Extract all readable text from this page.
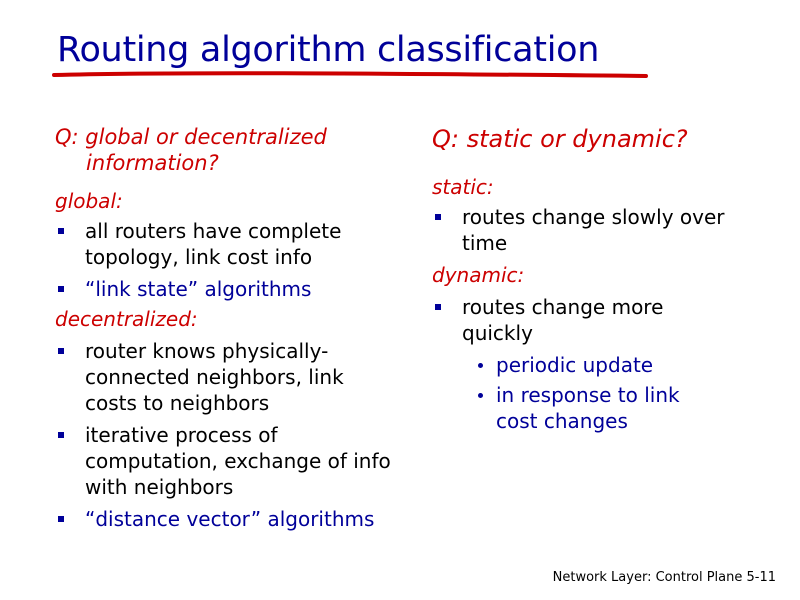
Routing algorithm classification
Q: global or decentralized information?
global:
all routers have complete topology, link cost info
“link state” algorithms
decentralized:
router knows physically-connected neighbors, link costs to neighbors
iterative process of computation, exchange of info with neighbors
“distance vector” algorithms
Q: static or dynamic?
static:
routes change slowly over time
dynamic:
routes change more quickly
periodic update
in response to link cost changes
Network Layer: Control Plane 5-11
